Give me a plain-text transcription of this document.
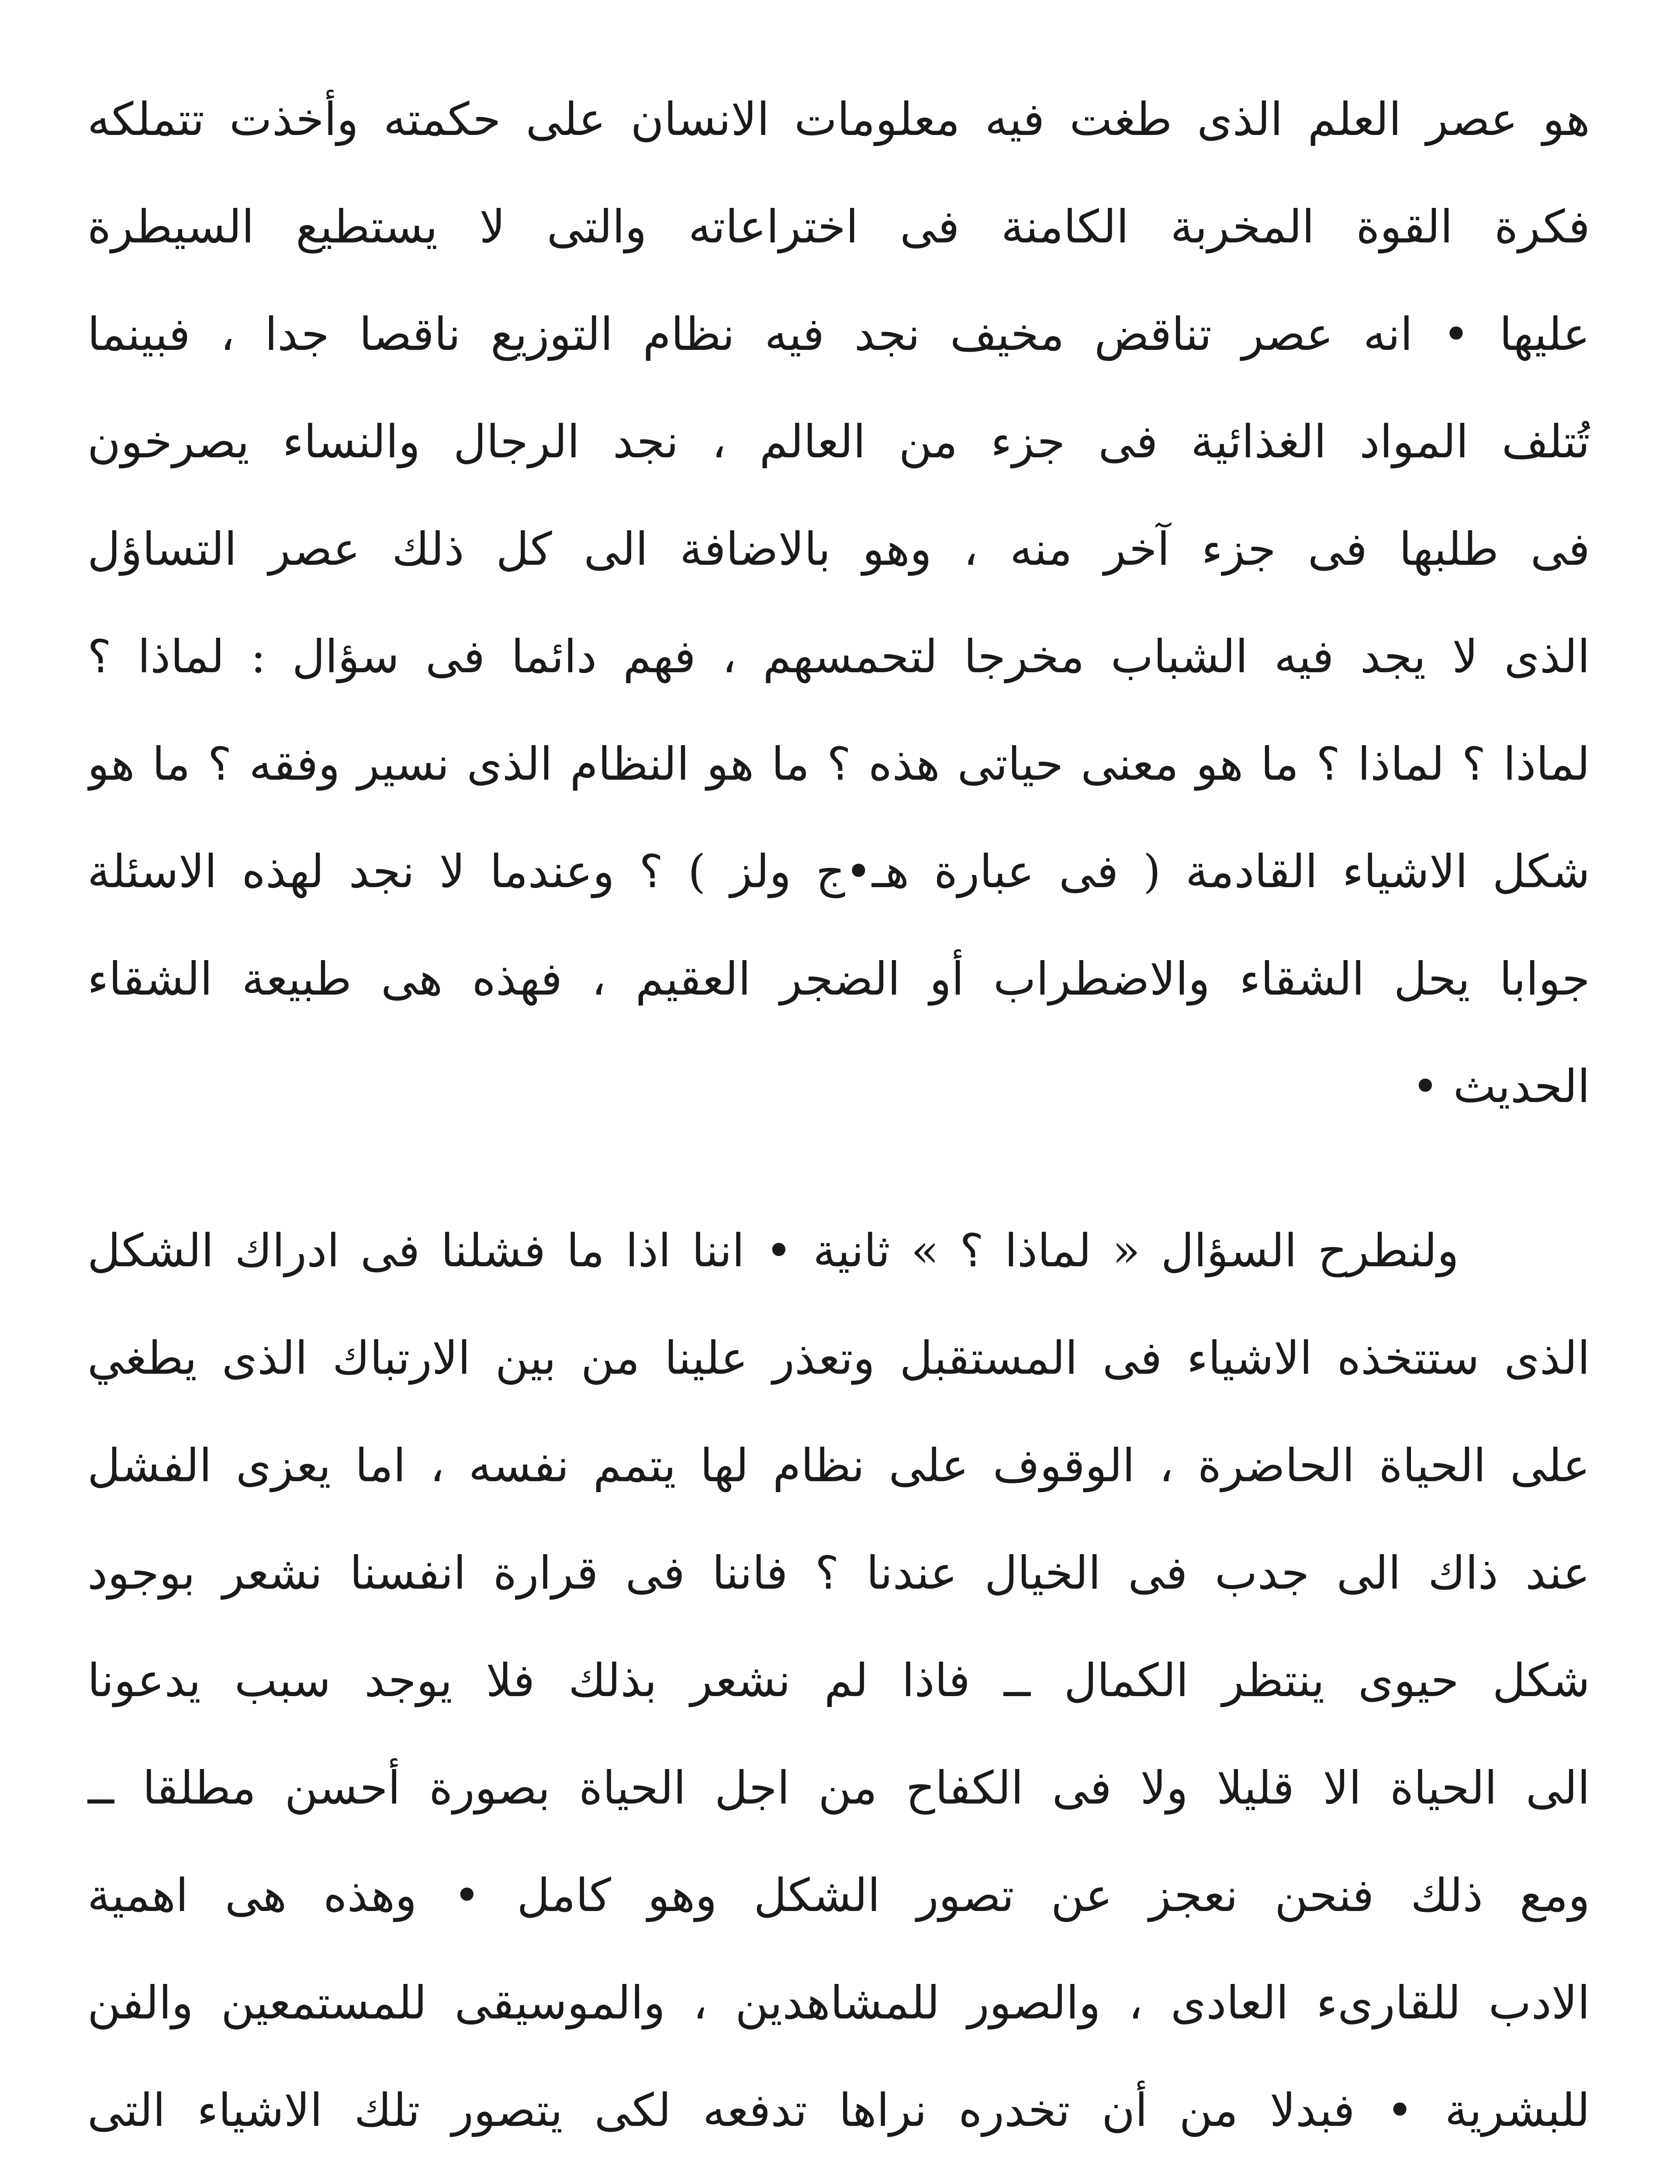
هو عصر العلم الذى طغت فيه معلومات الانسان على حكمته وأخذت تتملكه
فكرة القوة المخربة الكامنة فى اختراعاته والتى لا يستطيع السيطرة
عليها • انه عصر تناقض مخيف نجد فيه نظام التوزيع ناقصا جدا ، فبينما
تُتلف المواد الغذائية فى جزء من العالم ، نجد الرجال والنساء يصرخون
فى طلبها فى جزء آخر منه ، وهو بالاضافة الى كل ذلك عصر التساؤل
الذى لا يجد فيه الشباب مخرجا لتحمسهم ، فهم دائما فى سؤال : لماذا ؟
لماذا ؟ لماذا ؟ ما هو معنى حياتى هذه ؟ ما هو النظام الذى نسير وفقه ؟ ما هو
شكل الاشياء القادمة ( فى عبارة هـ•ج ولز ) ؟ وعندما لا نجد لهذه الاسئلة
جوابا يحل الشقاء والاضطراب أو الضجر العقيم ، فهذه هى طبيعة الشقاء
الحديث •
ولنطرح السؤال « لماذا ؟ » ثانية • اننا اذا ما فشلنا فى ادراك الشكل
الذى ستتخذه الاشياء فى المستقبل وتعذر علينا من بين الارتباك الذى يطغي
على الحياة الحاضرة ، الوقوف على نظام لها يتمم نفسه ، اما يعزى الفشل
عند ذاك الى جدب فى الخيال عندنا ؟ فاننا فى قرارة انفسنا نشعر بوجود
شكل حيوى ينتظر الكمال ــ فاذا لم نشعر بذلك فلا يوجد سبب يدعونا
الى الحياة الا قليلا ولا فى الكفاح من اجل الحياة بصورة أحسن مطلقا ــ
ومع ذلك فنحن نعجز عن تصور الشكل وهو كامل • وهذه هى اهمية
الادب للقارىء العادى ، والصور للمشاهدين ، والموسيقى للمستمعين والفن
للبشرية • فبدلا من أن تخدره نراها تدفعه لكى يتصور تلك الاشياء التى
